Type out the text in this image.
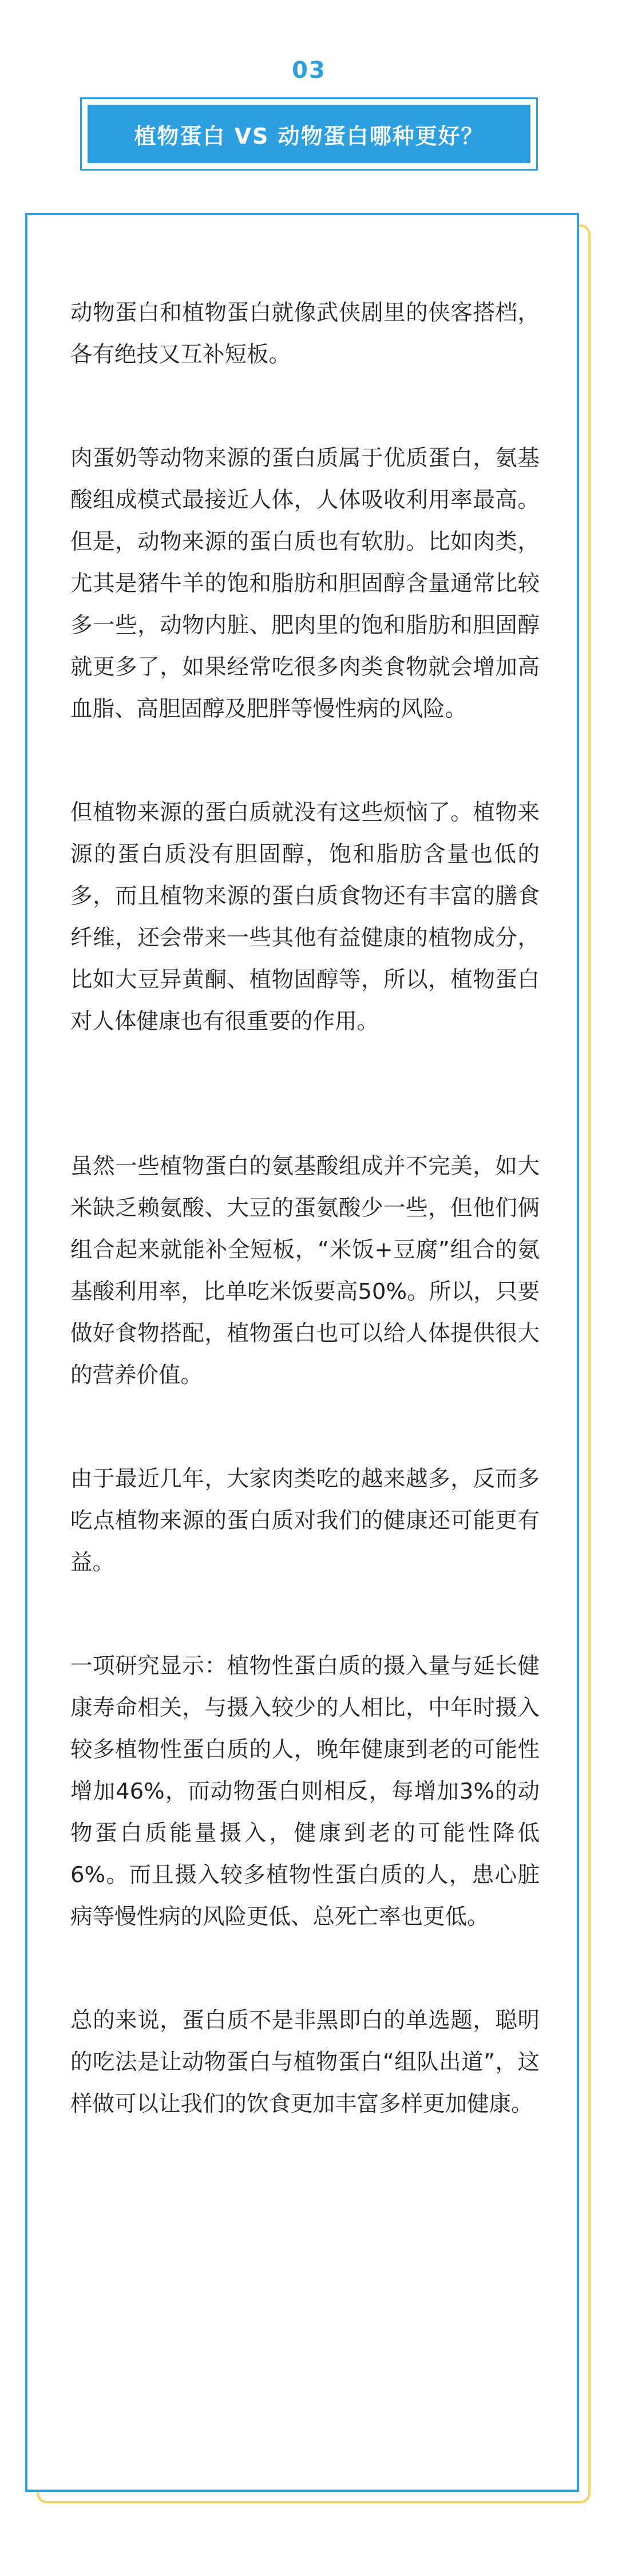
03
植物蛋白 VS 动物蛋白哪种更好？

动物蛋白和植物蛋白就像武侠剧里的侠客搭档，各有绝技又互补短板。

肉蛋奶等动物来源的蛋白质属于优质蛋白，氨基酸组成模式最接近人体，人体吸收利用率最高。但是，动物来源的蛋白质也有软肋。比如肉类，尤其是猪牛羊的饱和脂肪和胆固醇含量通常比较多一些，动物内脏、肥肉里的饱和脂肪和胆固醇就更多了，如果经常吃很多肉类食物就会增加高血脂、高胆固醇及肥胖等慢性病的风险。

但植物来源的蛋白质就没有这些烦恼了。植物来源的蛋白质没有胆固醇，饱和脂肪含量也低的多，而且植物来源的蛋白质食物还有丰富的膳食纤维，还会带来一些其他有益健康的植物成分，比如大豆异黄酮、植物固醇等，所以，植物蛋白对人体健康也有很重要的作用。

虽然一些植物蛋白的氨基酸组成并不完美，如大米缺乏赖氨酸、大豆的蛋氨酸少一些，但他们俩组合起来就能补全短板，“米饭+豆腐”组合的氨基酸利用率，比单吃米饭要高50%。所以，只要做好食物搭配，植物蛋白也可以给人体提供很大的营养价值。

由于最近几年，大家肉类吃的越来越多，反而多吃点植物来源的蛋白质对我们的健康还可能更有益。

一项研究显示：植物性蛋白质的摄入量与延长健康寿命相关，与摄入较少的人相比，中年时摄入较多植物性蛋白质的人，晚年健康到老的可能性增加46%，而动物蛋白则相反，每增加3%的动物蛋白质能量摄入，健康到老的可能性降低6%。而且摄入较多植物性蛋白质的人，患心脏病等慢性病的风险更低、总死亡率也更低。

总的来说，蛋白质不是非黑即白的单选题，聪明的吃法是让动物蛋白与植物蛋白“组队出道”，这样做可以让我们的饮食更加丰富多样更加健康。
